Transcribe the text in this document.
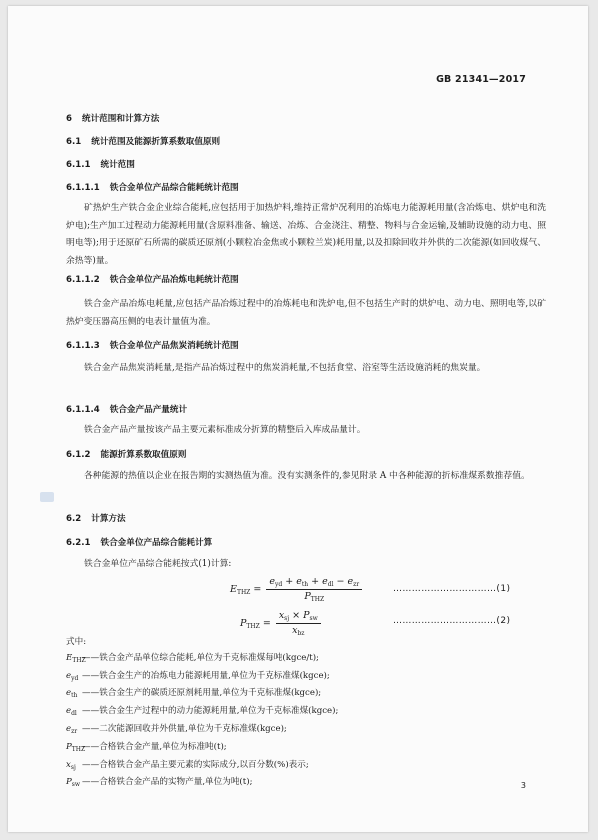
GB 21341—2017
6 统计范围和计算方法
6.1 统计范围及能源折算系数取值原则
6.1.1 统计范围
6.1.1.1 铁合金单位产品综合能耗统计范围
矿热炉生产铁合金企业综合能耗,应包括用于加热炉料,维持正常炉况利用的冶炼电力能源耗用量(含冶炼电、烘炉电和洗炉电);生产加工过程动力能源耗用量(含原料准备、输送、冶炼、合金浇注、精整、物料与合金运输,及辅助设施的动力电、照明电等);用于还原矿石所需的碳质还原剂(小颗粒冶金焦或小颗粒兰炭)耗用量,以及扣除回收并外供的二次能源(如回收煤气、余热等)量。
6.1.1.2 铁合金单位产品冶炼电耗统计范围
铁合金产品冶炼电耗量,应包括产品冶炼过程中的冶炼耗电和洗炉电,但不包括生产时的烘炉电、动力电、照明电等,以矿热炉变压器高压侧的电表计量值为准。
6.1.1.3 铁合金单位产品焦炭消耗统计范围
铁合金产品焦炭消耗量,是指产品冶炼过程中的焦炭消耗量,不包括食堂、浴室等生活设施消耗的焦炭量。
6.1.1.4 铁合金产品产量统计
铁合金产品产量按该产品主要元素标准成分折算的精整后入库成品量计。
6.1.2 能源折算系数取值原则
各种能源的热值以企业在报告期的实测热值为准。没有实测条件的,参见附录 A 中各种能源的折标准煤系数推荐值。
6.2 计算方法
6.2.1 铁合金单位产品综合能耗计算
铁合金单位产品综合能耗按式(1)计算:
$E_{THZ} = \frac{e_{yd} + e_{th} + e_{dl} - e_{zr}}{P_{THZ}}$	……………………………(1)
$P_{THZ} = \frac{x_{sj} \times P_{sw}}{x_{bz}}$	……………………………(2)
式中:
$E_{THZ}——$铁合金产品单位综合能耗,单位为千克标准煤每吨(kgce/t);
$e_{yd}$ ——铁合金生产的冶炼电力能源耗用量,单位为千克标准煤(kgce);
$e_{th}$ ——铁合金生产的碳质还原剂耗用量,单位为千克标准煤(kgce);
$e_{dl}$ ——铁合金生产过程中的动力能源耗用量,单位为千克标准煤(kgce);
$e_{zr}$ ——二次能源回收并外供量,单位为千克标准煤(kgce);
$P_{THZ}——$合格铁合金产量,单位为标准吨(t);
$x_{sj}$ ——合格铁合金产品主要元素的实际成分,以百分数(%)表示;
$P_{sw}$ ——合格铁合金产品的实物产量,单位为吨(t);	3
